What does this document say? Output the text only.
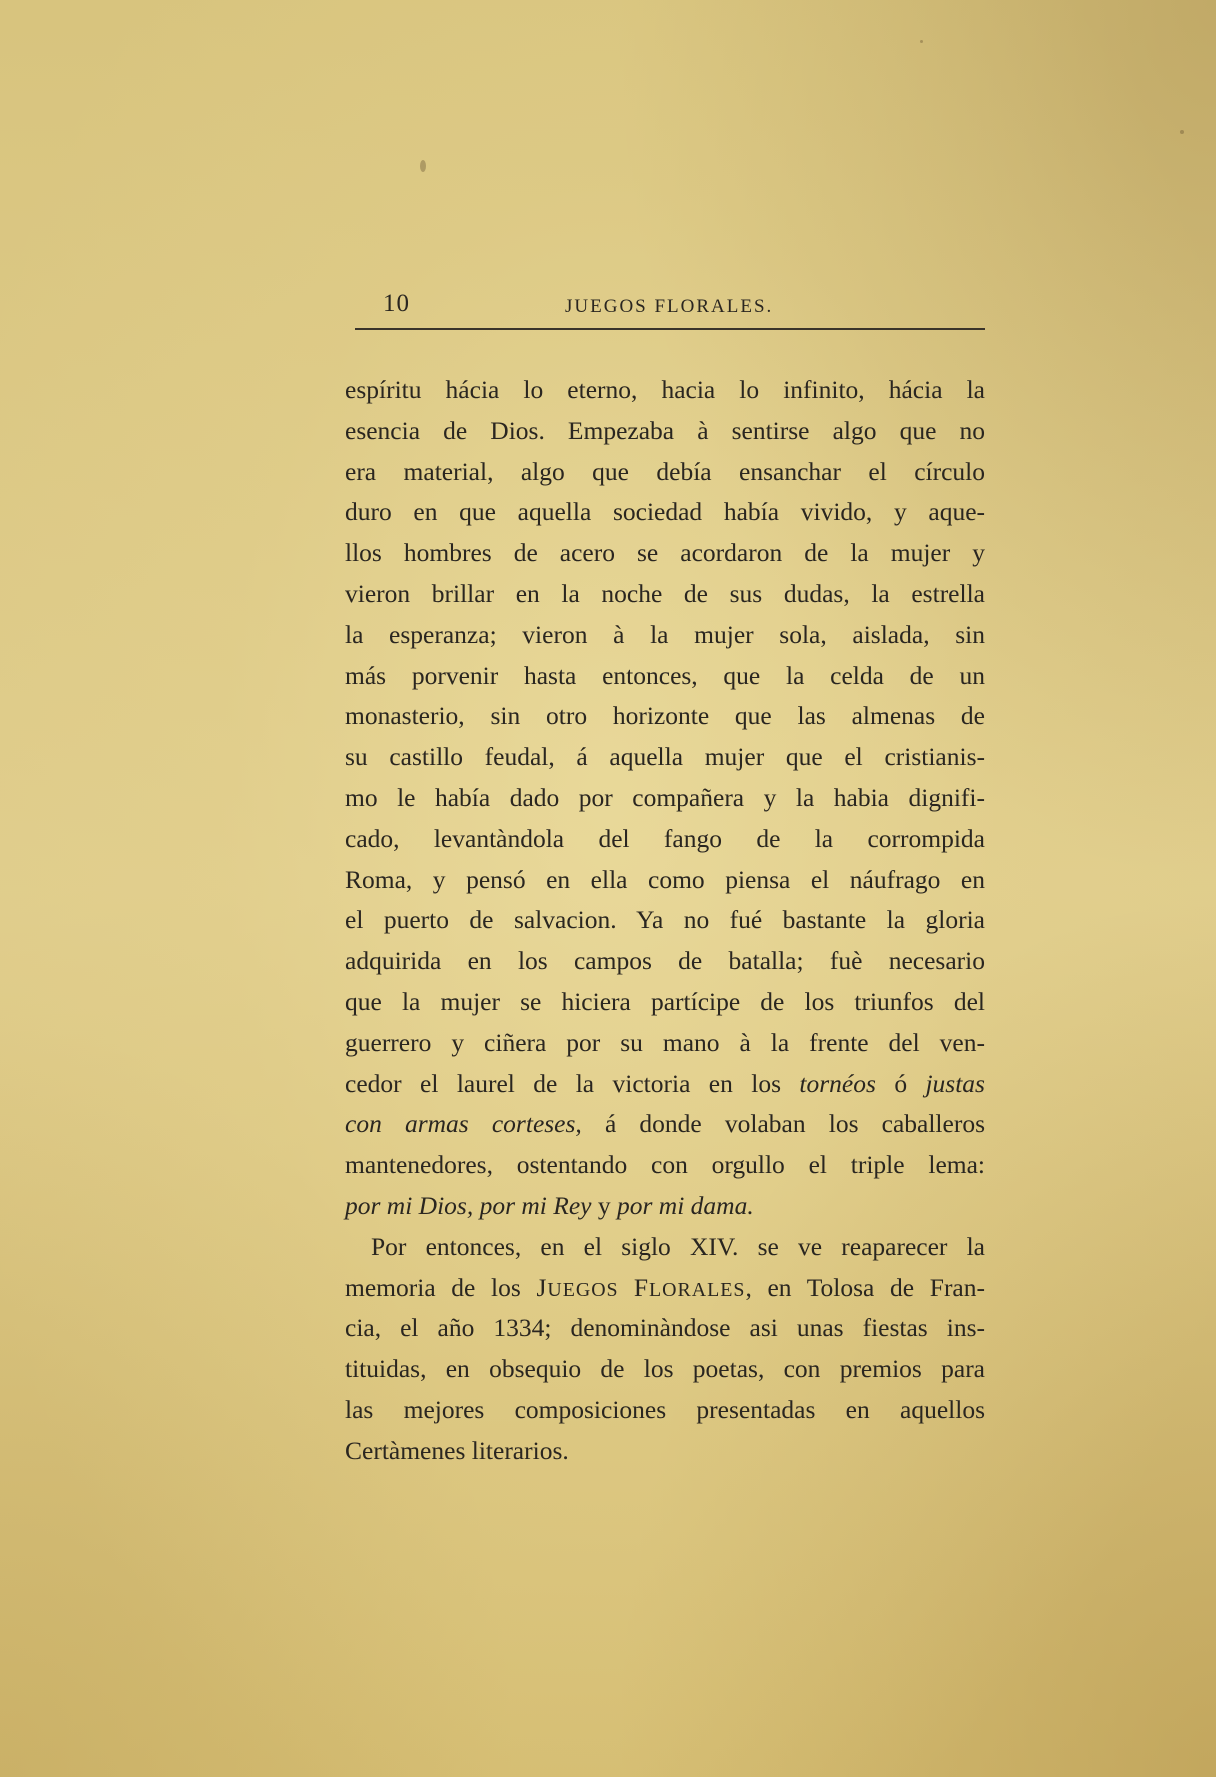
10	JUEGOS FLORALES.
espíritu hácia lo eterno, hacia lo infinito, hácia la
esencia de Dios. Empezaba à sentirse algo que no
era material, algo que debía ensanchar el círculo
duro en que aquella sociedad había vivido, y aque-
llos hombres de acero se acordaron de la mujer y
vieron brillar en la noche de sus dudas, la estrella
la esperanza; vieron à la mujer sola, aislada, sin
más porvenir hasta entonces, que la celda de un
monasterio, sin otro horizonte que las almenas de
su castillo feudal, á aquella mujer que el cristianis-
mo le había dado por compañera y la habia dignifi-
cado, levantàndola del fango de la corrompida
Roma, y pensó en ella como piensa el náufrago en
el puerto de salvacion. Ya no fué bastante la gloria
adquirida en los campos de batalla; fuè necesario
que la mujer se hiciera partícipe de los triunfos del
guerrero y ciñera por su mano à la frente del ven-
cedor el laurel de la victoria en los tornéos ó justas
con armas corteses, á donde volaban los caballeros
mantenedores, ostentando con orgullo el triple lema:
por mi Dios, por mi Rey y por mi dama.
Por entonces, en el siglo XIV. se ve reaparecer la
memoria de los JUEGOS FLORALES, en Tolosa de Fran-
cia, el año 1334; denominàndose asi unas fiestas ins-
tituidas, en obsequio de los poetas, con premios para
las mejores composiciones presentadas en aquellos
Certàmenes literarios.
